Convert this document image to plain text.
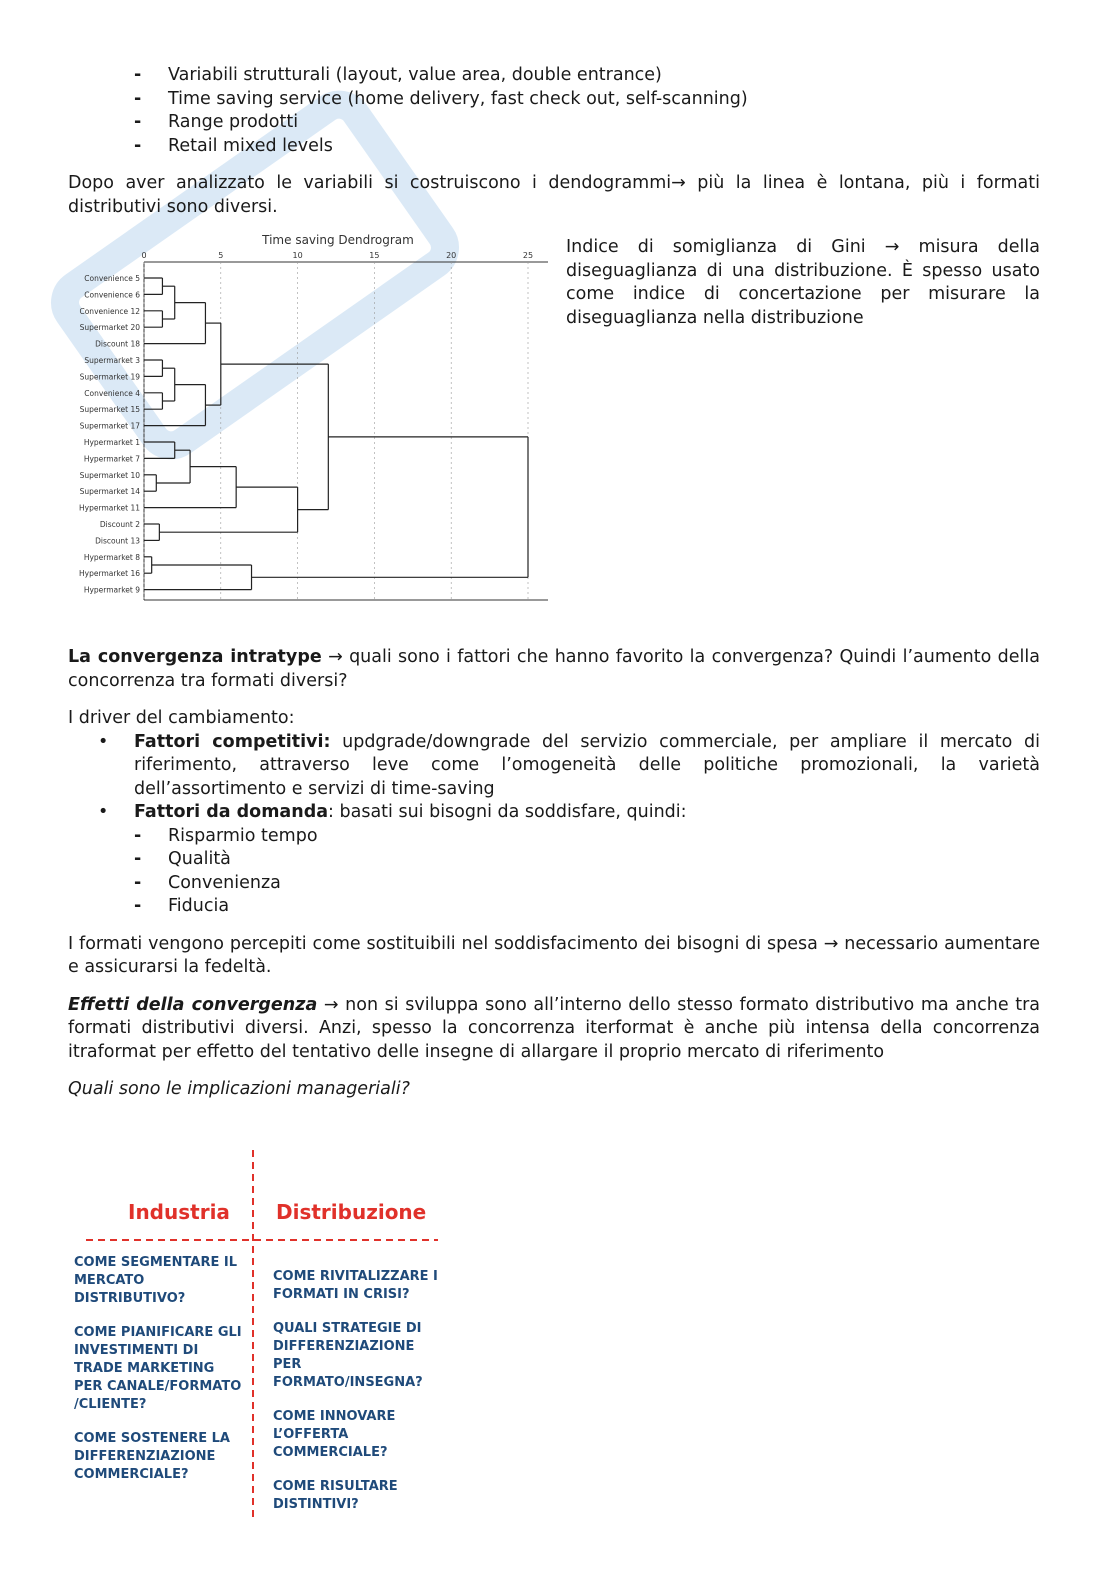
- Variabili strutturali (layout, value area, double entrance)
- Time saving service (home delivery, fast check out, self-scanning)
- Range prodotti
- Retail mixed levels

Dopo aver analizzato le variabili si costruiscono i dendogrammi→ più la linea è lontana, più i formati distributivi sono diversi.

Time saving Dendrogram
0	5	10	15	20	25
Convenience 5
Convenience 6
Convenience 12
Supermarket 20
Discount 18
Supermarket 3
Supermarket 19
Convenience 4
Supermarket 15
Supermarket 17
Hypermarket 1
Hypermarket 7
Supermarket 10
Supermarket 14
Hypermarket 11
Discount 2
Discount 13
Hypermarket 8
Hypermarket 16
Hypermarket 9

Indice di somiglianza di Gini → misura della diseguaglianza di una distribuzione. È spesso usato come indice di concertazione per misurare la diseguaglianza nella distribuzione

La convergenza intratype → quali sono i fattori che hanno favorito la convergenza? Quindi l’aumento della concorrenza tra formati diversi?

I driver del cambiamento:

• Fattori competitivi: updgrade/downgrade del servizio commerciale, per ampliare il mercato di riferimento, attraverso leve come l’omogeneità delle politiche promozionali, la varietà dell’assortimento e servizi di time-saving
• Fattori da domanda: basati sui bisogni da soddisfare, quindi:
- Risparmio tempo
- Qualità
- Convenienza
- Fiducia

I formati vengono percepiti come sostituibili nel soddisfacimento dei bisogni di spesa → necessario aumentare e assicurarsi la fedeltà.

Effetti della convergenza → non si sviluppa sono all’interno dello stesso formato distributivo ma anche tra formati distributivi diversi. Anzi, spesso la concorrenza iterformat è anche più intensa della concorrenza itraformat per effetto del tentativo delle insegne di allargare il proprio mercato di riferimento

Quali sono le implicazioni manageriali?

Industria Distribuzione
COME SEGMENTARE IL MERCATO DISTRIBUTIVO?
COME PIANIFICARE GLI INVESTIMENTI DI TRADE MARKETING PER CANALE/FORMATO /CLIENTE?
COME SOSTENERE LA DIFFERENZIAZIONE COMMERCIALE?
COME RIVITALIZZARE I FORMATI IN CRISI?
QUALI STRATEGIE DI DIFFERENZIAZIONE PER FORMATO/INSEGNA?
COME INNOVARE L’OFFERTA COMMERCIALE?
COME RISULTARE DISTINTIVI?
